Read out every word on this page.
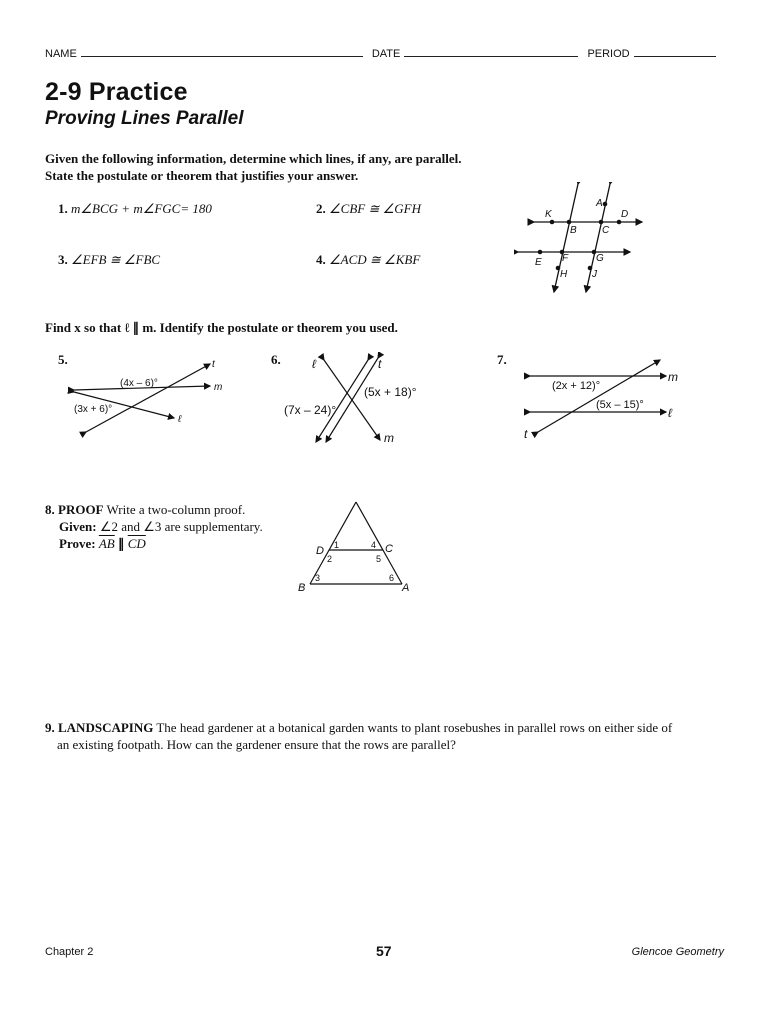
NAME	DATE	PERIOD
2-9 Practice
Proving Lines Parallel
Given the following information, determine which lines, if any, are parallel.
State the postulate or theorem that justifies your answer.
1. m∠BCG + m∠FGC= 180	2. ∠CBF ≅ ∠GFH
3. ∠EFB ≅ ∠FBC	4. ∠ACD ≅ ∠KBF
A
K	D
B	C
E F	G
H J
Find x so that ℓ ∥ m. Identify the postulate or theorem you used.
5.	6.	7.
(4x – 6)°
(3x + 6)°
t
m
ℓ
ℓ	t
m
(5x + 18)°
(7x – 24)°
(2x + 12)°
(5x – 15)°
m
ℓ
t
8. PROOF Write a two-column proof.
Given: ∠2 and ∠3 are supplementary.
Prove: $\overline{AB}$ ∥ $\overline{CD}$	D	C
B	A
1	4
2	5
3	6
9. LANDSCAPING The head gardener at a botanical garden wants to plant rosebushes in parallel rows on either side of
an existing footpath. How can the gardener ensure that the rows are parallel?
Chapter 2	57	Glencoe Geometry
